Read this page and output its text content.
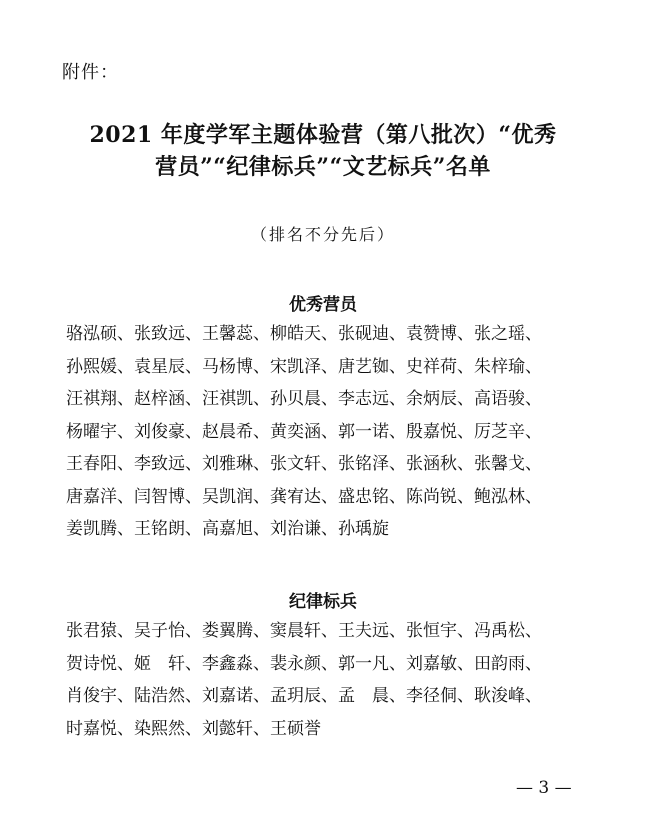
附件：
2021 年度学军主题体验营（第八批次）“优秀
营员”“纪律标兵”“文艺标兵”名单
（排名不分先后）
优秀营员
骆泓硕、张致远、王馨蕊、柳皓天、张砚迪、袁赞博、张之瑶、
孙熙媛、袁星辰、马杨博、宋凯泽、唐艺铷、史祥荷、朱梓瑜、
汪祺翔、赵梓涵、汪祺凯、孙贝晨、李志远、余炳辰、高语骏、
杨曜宇、刘俊豪、赵晨希、黄奕涵、郭一诺、殷嘉悦、厉芝辛、
王春阳、李致远、刘雅琳、张文轩、张铭泽、张涵秋、张馨戈、
唐嘉洋、闫智博、吴凯润、龚宥达、盛忠铭、陈尚锐、鲍泓林、
姜凯腾、王铭朗、高嘉旭、刘治谦、孙瑀旋
纪律标兵
张君猿、吴子怡、娄翼腾、窦晨轩、王夫远、张恒宇、冯禹松、
贺诗悦、姬　轩、李鑫淼、裴永颜、郭一凡、刘嘉敏、田韵雨、
肖俊宇、陆浩然、刘嘉诺、孟玥辰、孟　晨、李径侗、耿浚峰、
时嘉悦、染熙然、刘懿轩、王硕誉
— 3 —
